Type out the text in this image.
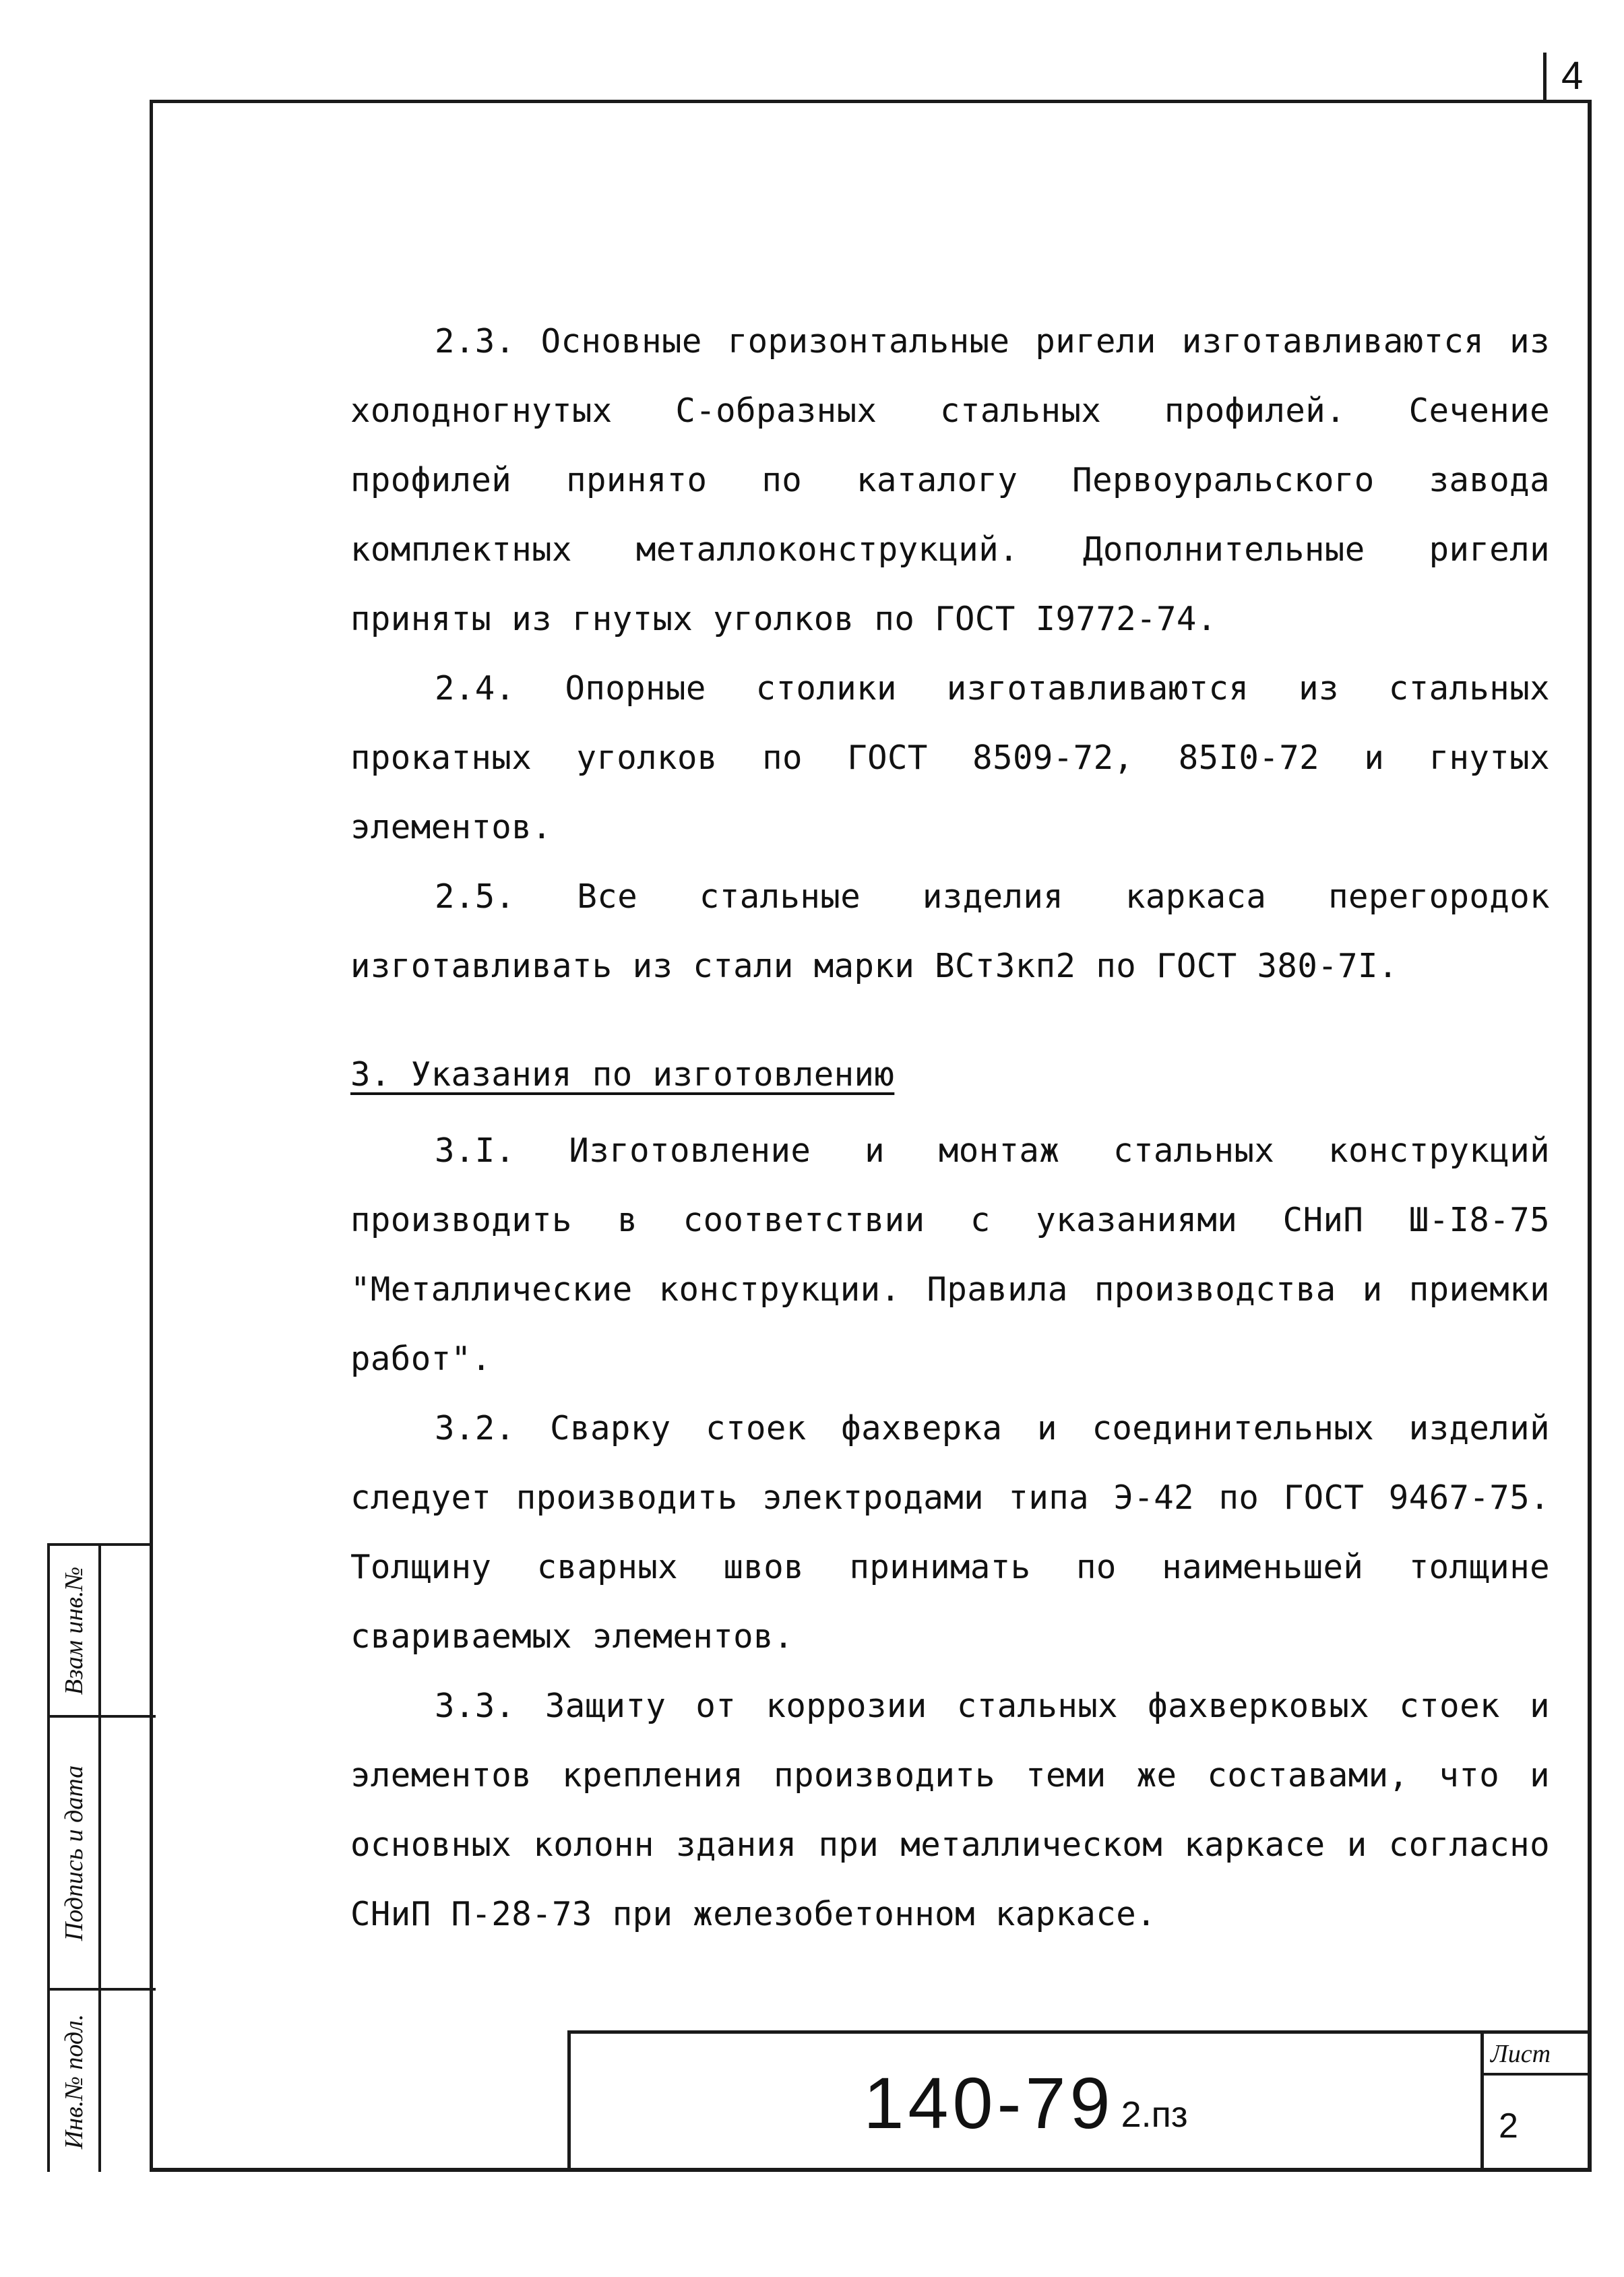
4

2.3. Основные горизонтальные ригели изготавливаются из холодногнутых С-образных стальных профилей. Сечение профилей принято по каталогу Первоуральского завода комплектных металлоконструкций. Дополнительные ригели приняты из гнутых уголков по ГОСТ I9772-74.

2.4. Опорные столики изготавливаются из стальных прокатных уголков по ГОСТ 8509-72, 85I0-72 и гнутых элементов.

2.5. Все стальные изделия каркаса перегородок изготавливать из стали марки ВСт3кп2 по ГОСТ 380-7I.

3. Указания по изготовлению

3.I. Изготовление и монтаж стальных конструкций производить в соответствии с указаниями СНиП Ш-I8-75 "Металлические конструкции. Правила производства и приемки работ".

3.2. Сварку стоек фахверка и соединительных изделий следует производить электродами типа Э-42 по ГОСТ 9467-75. Толщину сварных швов принимать по наименьшей толщине свариваемых элементов.

3.3. Защиту от коррозии стальных фахверковых стоек и элементов крепления производить теми же составами, что и основных колонн здания при металлическом каркасе и согласно СНиП П-28-73 при железобетонном каркасе.

Взам инв.№
Подпись и дата
Инв.№ подл.	140-79 2.пз
Лист
2
